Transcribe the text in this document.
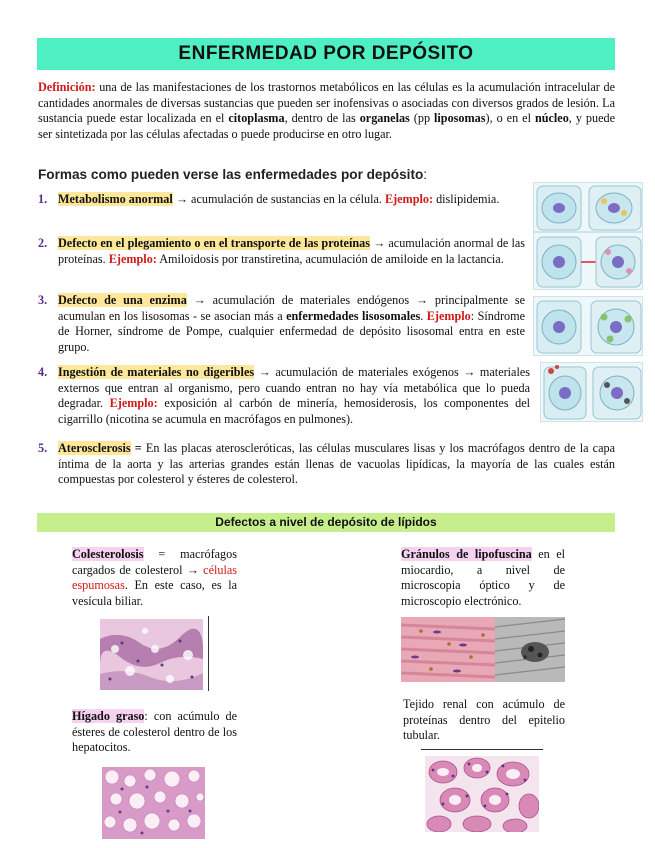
ENFERMEDAD POR DEPÓSITO

Definición: una de las manifestaciones de los trastornos metabólicos en las células es la acumulación intracelular de cantidades anormales de diversas sustancias que pueden ser inofensivas o asociadas con diversos grados de lesión. La sustancia puede estar localizada en el citoplasma, dentro de las organelas (pp liposomas), o en el núcleo, y puede ser sintetizada por las células afectadas o puede producirse en otro lugar.

Formas como pueden verse las enfermedades por depósito:
1. Metabolismo anormal → acumulación de sustancias en la célula. Ejemplo: dislipidemia.
2. Defecto en el plegamiento o en el transporte de las proteínas → acumulación anormal de las proteínas. Ejemplo: Amiloidosis por transtiretina, acumulación de amiloide en la lactancia.
3. Defecto de una enzima → acumulación de materiales endógenos → principalmente se acumulan en los lisosomas - se asocian más a enfermedades lisosomales. Ejemplo: Síndrome de Horner, síndrome de Pompe, cualquier enfermedad de depósito lisosomal entra en este grupo.
4. Ingestión de materiales no digeribles → acumulación de materiales exógenos → materiales externos que entran al organismo, pero cuando entran no hay vía metabólica que lo pueda degradar. Ejemplo: exposición al carbón de minería, hemosiderosis, los componentes del cigarrillo (nicotina se acumula en macrófagos en pulmones).
5. Aterosclerosis = En las placas ateroscleróticas, las células musculares lisas y los macrófagos dentro de la capa íntima de la aorta y las arterias grandes están llenas de vacuolas lipídicas, la mayoría de las cuales están compuestas por colesterol y ésteres de colesterol.
Defectos a nivel de depósito de lípidos

Colesterolosis = macrófagos cargados de colesterol → células espumosas. En este caso, es la vesícula biliar.

Hígado graso: con acúmulo de ésteres de colesterol dentro de los hepatocitos.

Gránulos de lipofuscina en el miocardio, a nivel de microscopia óptico y de microscopio electrónico.

Tejido renal con acúmulo de proteínas dentro del epitelio tubular.
